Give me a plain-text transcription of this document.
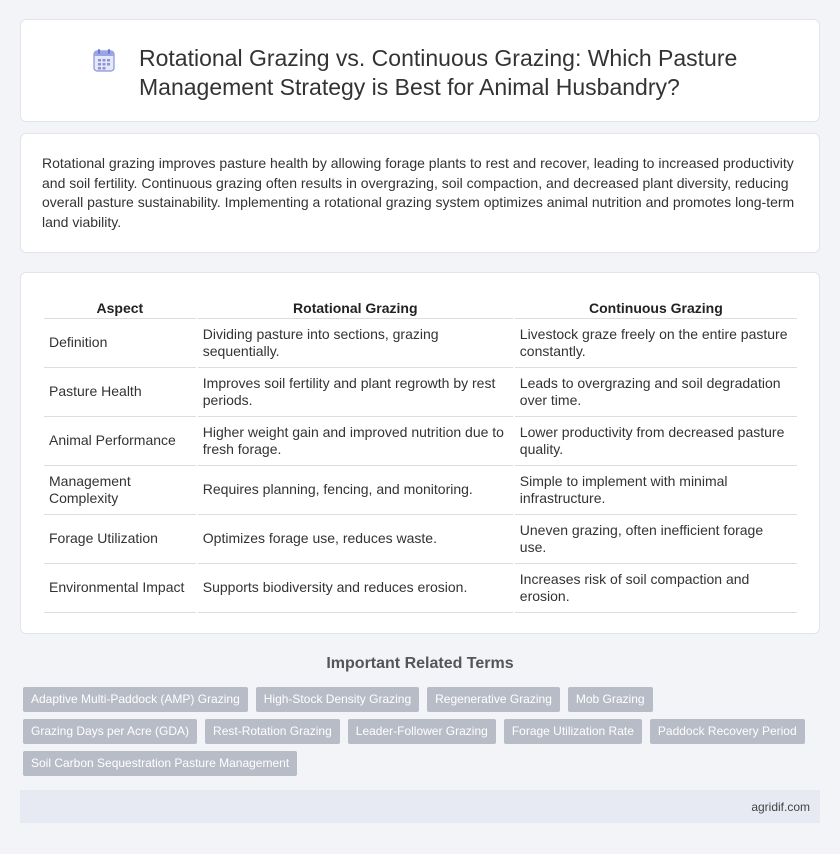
Rotational Grazing vs. Continuous Grazing: Which Pasture Management Strategy is Best for Animal Husbandry?

Rotational grazing improves pasture health by allowing forage plants to rest and recover, leading to increased productivity and soil fertility. Continuous grazing often results in overgrazing, soil compaction, and decreased plant diversity, reducing overall pasture sustainability. Implementing a rotational grazing system optimizes animal nutrition and promotes long-term land viability.

Aspect	Rotational Grazing	Continuous Grazing
Definition	Dividing pasture into sections, grazing sequentially.	Livestock graze freely on the entire pasture constantly.
Pasture Health	Improves soil fertility and plant regrowth by rest periods.	Leads to overgrazing and soil degradation over time.
Animal Performance	Higher weight gain and improved nutrition due to fresh forage.	Lower productivity from decreased pasture quality.
Management Complexity	Requires planning, fencing, and monitoring.	Simple to implement with minimal infrastructure.
Forage Utilization	Optimizes forage use, reduces waste.	Uneven grazing, often inefficient forage use.
Environmental Impact	Supports biodiversity and reduces erosion.	Increases risk of soil compaction and erosion.
Important Related Terms
Adaptive Multi-Paddock (AMP) Grazing	High-Stock Density Grazing	Regenerative Grazing	Mob Grazing
Grazing Days per Acre (GDA)	Rest-Rotation Grazing	Leader-Follower Grazing	Forage Utilization Rate	Paddock Recovery Period
Soil Carbon Sequestration Pasture Management
agridif.com
